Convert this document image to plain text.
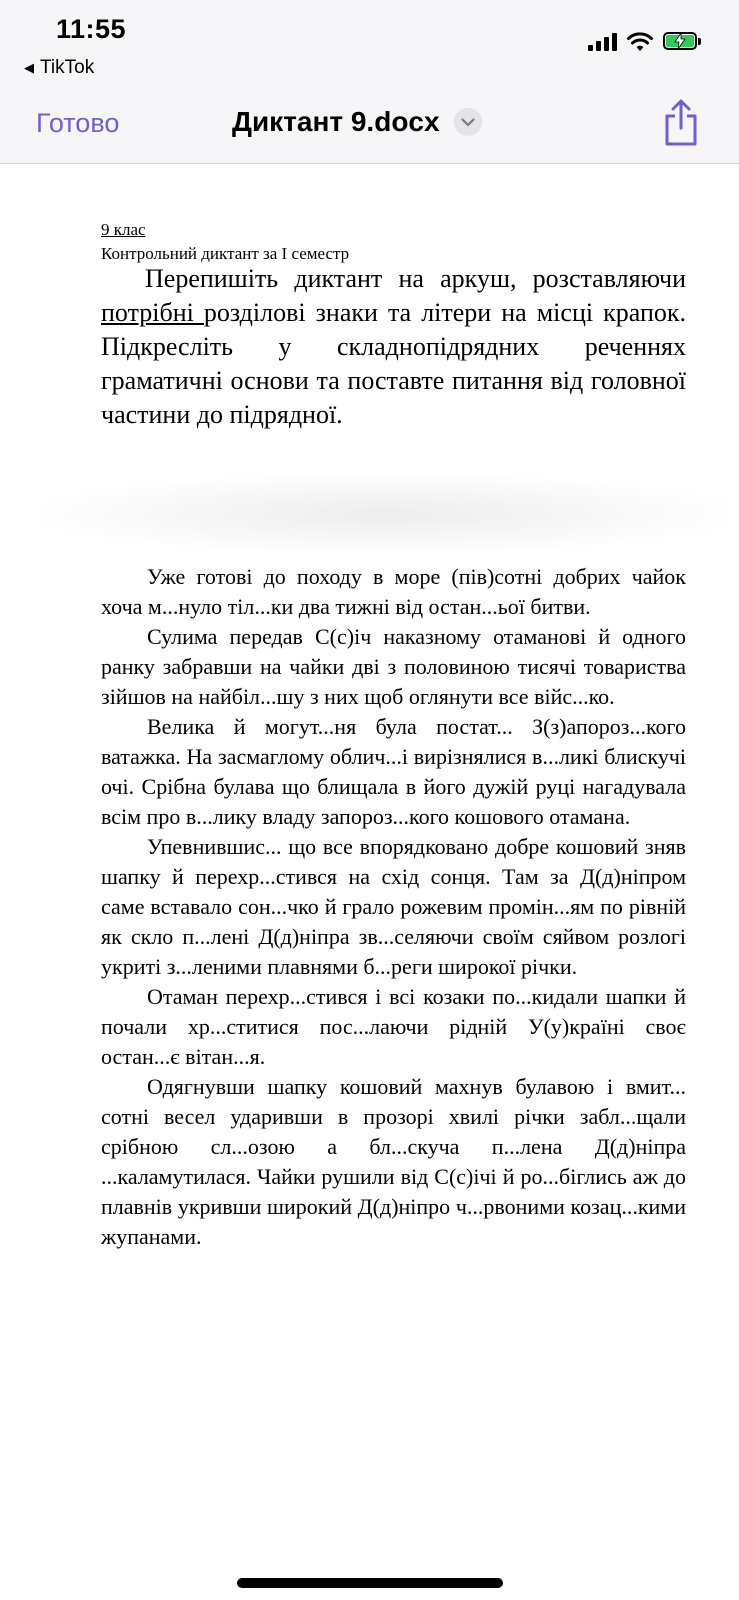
11:55
◀ TikTok
Готово	Диктант 9.docx
9 клас
Контрольний диктант за I семестр
Перепишіть диктант на аркуш, розставляючи потрібні розділові знаки та літери на місці крапок. Підкресліть у складнопідрядних реченнях граматичні основи та поставте питання від головної частини до підрядної.

Уже готові до походу в море (пів)сотні добрих чайок хоча м...нуло тіл...ки два тижні від остан...ьої битви.

Сулима передав С(с)іч наказному отаманові й одного ранку забравши на чайки дві з половиною тисячі товариства зійшов на найбіл...шу з них щоб оглянути все війс...ко.

Велика й могут...ня була постат... З(з)апороз...кого ватажка. На засмаглому облич...і вирізнялися в...ликі блискучі очі. Срібна булава що блищала в його дужій руці нагадувала всім про в...лику владу запороз...кого кошового отамана.

Упевнившис... що все впорядковано добре кошовий зняв шапку й перехр...стився на схід сонця. Там за Д(д)ніпром саме вставало сон...чко й грало рожевим промін...ям по рівній як скло п...лені Д(д)ніпра зв...селяючи своїм сяйвом розлогі укриті з...леними плавнями б...реги широкої річки.

Отаман перехр...стився і всі козаки по...кидали шапки й почали хр...ститися пос...лаючи рідній У(у)країні своє остан...є вітан...я.

Одягнувши шапку кошовий махнув булавою і вмит... сотні весел ударивши в прозорі хвилі річки забл...щали срібною сл...озою а бл...скуча п...лена Д(д)ніпра ...каламутилася. Чайки рушили від С(с)ічі й ро...біглись аж до плавнів укривши широкий Д(д)ніпро ч...рвоними козац...кими жупанами.
